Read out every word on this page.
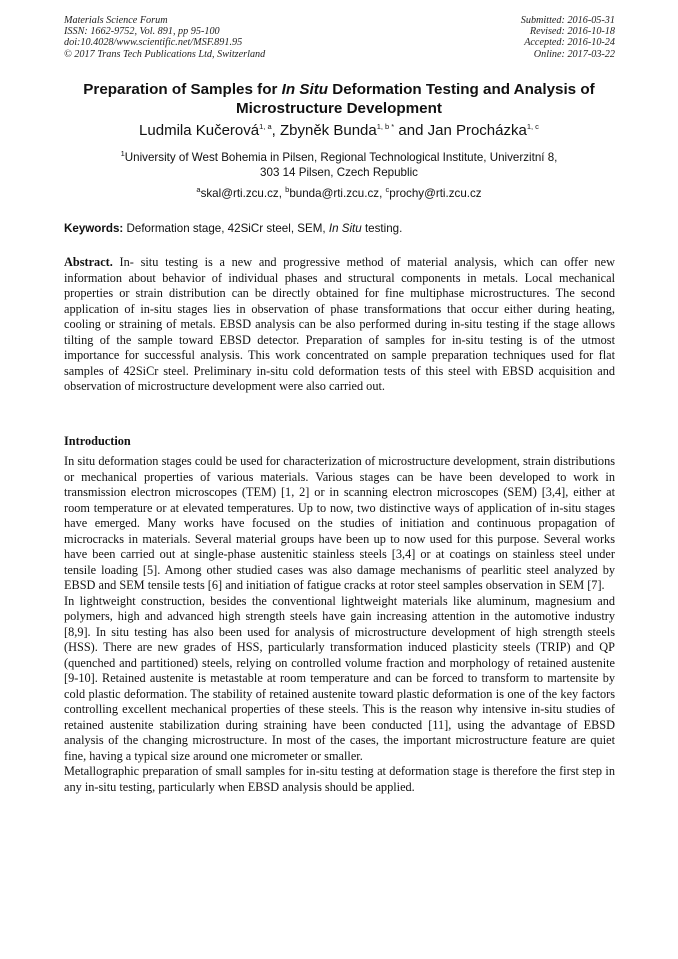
Materials Science Forum
ISSN: 1662-9752, Vol. 891, pp 95-100
doi:10.4028/www.scientific.net/MSF.891.95
© 2017 Trans Tech Publications Ltd, Switzerland
Submitted: 2016-05-31
Revised: 2016-10-18
Accepted: 2016-10-24
Online: 2017-03-22
Preparation of Samples for In Situ Deformation Testing and Analysis of Microstructure Development
Ludmila Kučerová$^{1, a}$, Zbyněk Bunda$^{1, b *}$ and Jan Procházka$^{1, c}$
$^1$University of West Bohemia in Pilsen, Regional Technological Institute, Univerzitní 8,
303 14 Pilsen, Czech Republic
$^a$skal@rti.zcu.cz, $^b$bunda@rti.zcu.cz, $^c$prochy@rti.zcu.cz
Keywords: Deformation stage, 42SiCr steel, SEM, In Situ testing.
Abstract. In- situ testing is a new and progressive method of material analysis, which can offer new information about behavior of individual phases and structural components in metals. Local mechanical properties or strain distribution can be directly obtained for fine multiphase microstructures. The second application of in-situ stages lies in observation of phase transformations that occur either during heating, cooling or straining of metals. EBSD analysis can be also performed during in-situ testing if the stage allows tilting of the sample toward EBSD detector. Preparation of samples for in-situ testing is of the utmost importance for successful analysis. This work concentrated on sample preparation techniques used for flat samples of 42SiCr steel. Preliminary in-situ cold deformation tests of this steel with EBSD acquisition and observation of microstructure development were also carried out.
Introduction

In situ deformation stages could be used for characterization of microstructure development, strain distributions or mechanical properties of various materials. Various stages can be have been developed to work in transmission electron microscopes (TEM) [1, 2] or in scanning electron microscopes (SEM) [3,4], either at room temperature or at elevated temperatures. Up to now, two distinctive ways of application of in-situ stages have emerged. Many works have focused on the studies of initiation and continuous propagation of microcracks in materials. Several material groups have been up to now used for this purpose. Several works have been carried out at single-phase austenitic stainless steels [3,4] or at coatings on stainless steel under tensile loading [5]. Among other studied cases was also damage mechanisms of pearlitic steel analyzed by EBSD and SEM tensile tests [6] and initiation of fatigue cracks at rotor steel samples observation in SEM [7].

In lightweight construction, besides the conventional lightweight materials like aluminum, magnesium and polymers, high and advanced high strength steels have gain increasing attention in the automotive industry [8,9]. In situ testing has also been used for analysis of microstructure development of high strength steels (HSS). There are new grades of HSS, particularly transformation induced plasticity steels (TRIP) and QP (quenched and partitioned) steels, relying on controlled volume fraction and morphology of retained austenite [9-10]. Retained austenite is metastable at room temperature and can be forced to transform to martensite by cold plastic deformation. The stability of retained austenite toward plastic deformation is one of the key factors controlling excellent mechanical properties of these steels. This is the reason why intensive in-situ studies of retained austenite stabilization during straining have been conducted [11], using the advantage of EBSD analysis of the changing microstructure. In most of the cases, the important microstructure feature are quiet fine, having a typical size around one micrometer or smaller.

Metallographic preparation of small samples for in-situ testing at deformation stage is therefore the first step in any in-situ testing, particularly when EBSD analysis should be applied.
